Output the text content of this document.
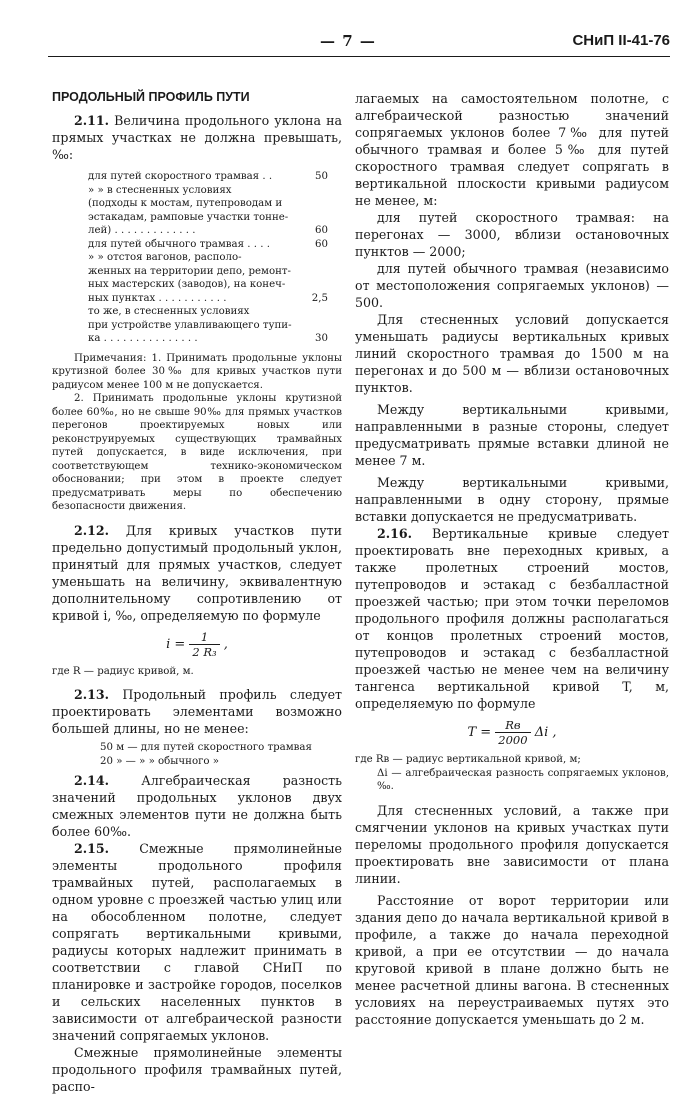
— 7 —	СНиП II-41-76
ПРОДОЛЬНЫЙ ПРОФИЛЬ ПУТИ

2.11. Величина продольного уклона на прямых участках не должна превышать, ‰:

для путей скоростного трамвая . .	50
» » в стесненных условиях
(подходы к мостам, путепроводам и
эстакадам, рамповые участки тонне-
лей) . . . . . . . . . . . . .	60
для путей обычного трамвая . . . .	60
» » отстоя вагонов, располо-
женных на территории депо, ремонт-
ных мастерских (заводов), на конеч-
ных пунктах . . . . . . . . . . .	2,5
то же, в стесненных условиях
при устройстве улавливающего тупи-
ка . . . . . . . . . . . . . . .	30

Примечания: 1. Принимать продольные уклоны крутизной более 30‰ для кривых участков пути радиусом менее 100 м не допускается.

2. Принимать продольные уклоны крутизной более 60‰, но не свыше 90‰ для прямых участков перегонов проектируемых новых или реконструируемых существующих трамвайных путей допускается, в виде исключения, при соответствующем технико-экономическом обосновании; при этом в проекте следует предусматривать меры по обеспечению безопасности движения.

2.12. Для кривых участков пути предельно допустимый продольный уклон, принятый для прямых участков, следует уменьшать на величину, эквивалентную дополнительному сопротивлению от кривой i, ‰, определяемую по формуле

$i = \frac{1}{\text{2 R₃}}$ ,

где R — радиус кривой, м.

2.13. Продольный профиль следует проектировать элементами возможно большей длины, но не менее:

50 м — для путей скоростного трамвая
20 » — » » обычного »

2.14.	Алгебраическая разность значений продольных уклонов двух смежных элементов пути не должна быть более 60‰.

2.15. Смежные прямолинейные элементы продольного профиля трамвайных путей, располагаемых в одном уровне с проезжей частью улиц или на обособленном полотне, следует сопрягать вертикальными кривыми, радиусы которых надлежит принимать в соответствии с главой СНиП по планировке и застройке городов, поселков и сельских населенных пунктов в зависимости от алгебраической разности значений сопрягаемых уклонов.

Смежные прямолинейные элементы продольного профиля трамвайных путей, распо-

лагаемых на самостоятельном полотне, с алгебраической разностью значений сопрягаемых уклонов более 7‰ для путей обычного трамвая и более 5‰ для путей скоростного трамвая следует сопрягать в вертикальной плоскости кривыми радиусом не менее, м:

для путей скоростного трамвая: на перегонах — 3000, вблизи остановочных пунктов — 2000;

для путей обычного трамвая (независимо от местоположения сопрягаемых уклонов) — 500.

Для стесненных условий допускается уменьшать радиусы вертикальных кривых линий скоростного трамвая до 1500 м на перегонах и до 500 м — вблизи остановочных пунктов.

Между вертикальными кривыми, направленными в разные стороны, следует предусматривать прямые вставки длиной не менее 7 м.

Между вертикальными кривыми, направленными в одну сторону, прямые вставки допускается не предусматривать.

2.16. Вертикальные кривые следует проектировать вне переходных кривых, а также пролетных строений мостов, путепроводов и эстакад с безбалластной проезжей частью; при этом точки переломов продольного профиля должны располагаться от концов пролетных строений мостов, путепроводов и эстакад с безбалластной проезжей частью не менее чем на величину тангенса вертикальной кривой T, м, определяемую по формуле

$T = \frac{Rв}{2000}$ Δi ,

где Rв — радиус вертикальной кривой, м;

Δi — алгебраическая разность сопрягаемых уклонов, ‰.

Для стесненных условий, а также при смягчении уклонов на кривых участках пути переломы продольного профиля допускается проектировать вне зависимости от плана линии.

Расстояние от ворот территории или здания депо до начала вертикальной кривой в профиле, а также до начала переходной кривой, а при ее отсутствии — до начала круговой кривой в плане должно быть не менее расчетной длины вагона. В стесненных условиях на переустраиваемых путях это расстояние допускается уменьшать до 2 м.
